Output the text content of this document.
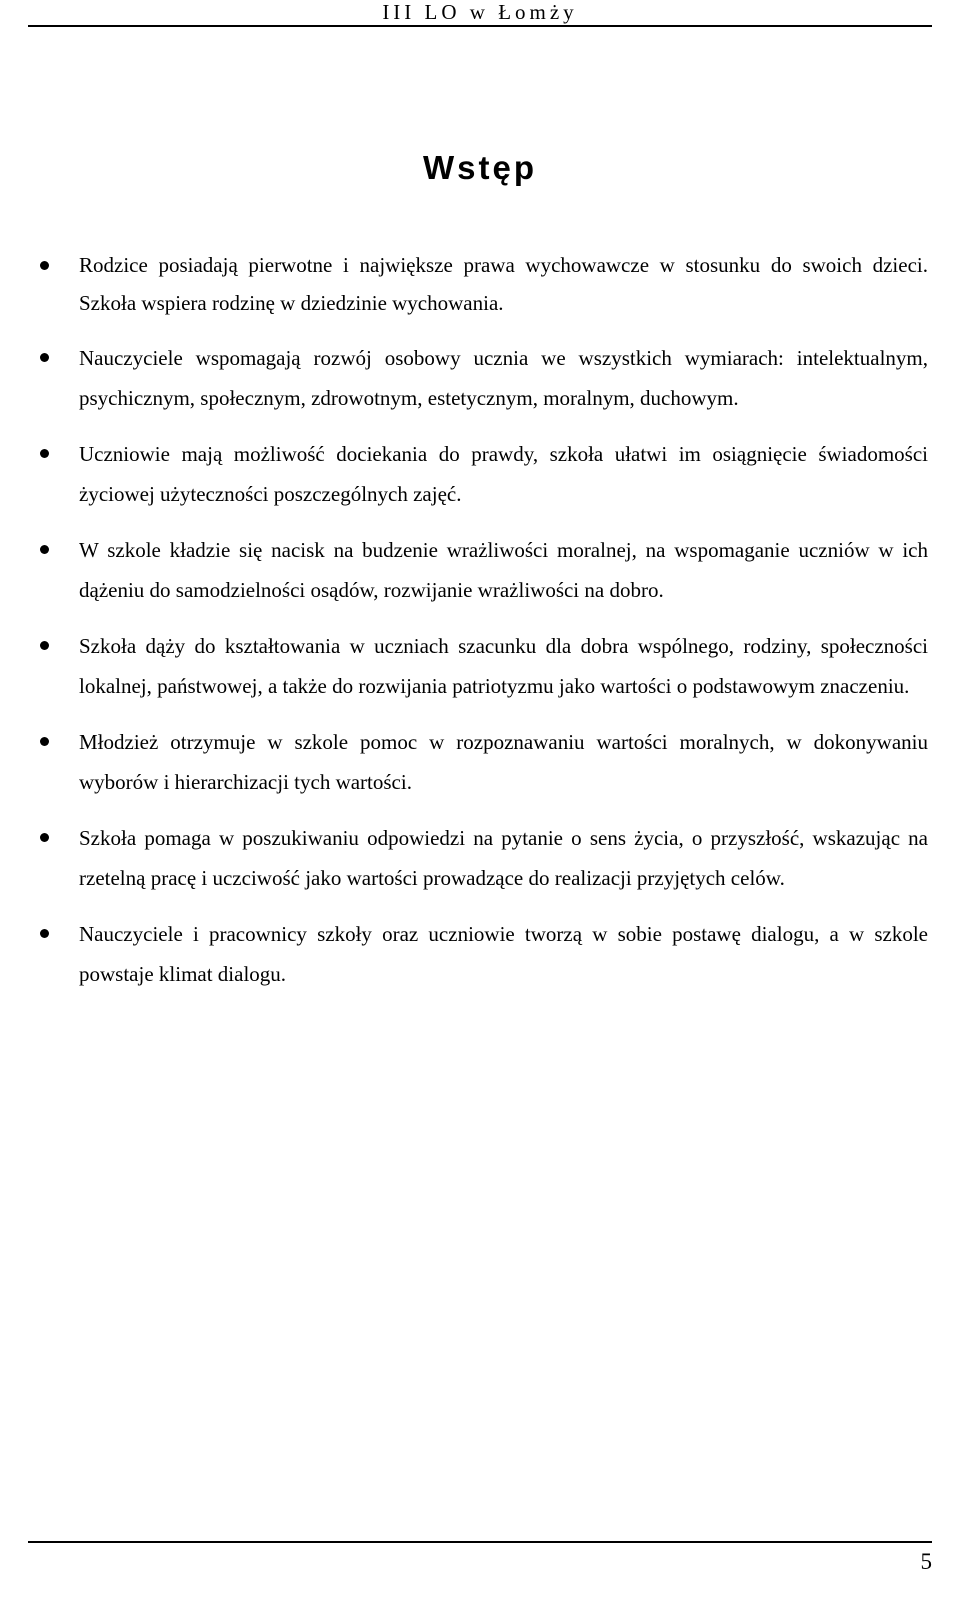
III LO w Łomży
Wstęp
Rodzice posiadają pierwotne i największe prawa wychowawcze w stosunku do swoich dzieci. Szkoła wspiera rodzinę w dziedzinie wychowania.
Nauczyciele wspomagają rozwój osobowy ucznia we wszystkich wymiarach: intelektualnym, psychicznym, społecznym, zdrowotnym, estetycznym, moralnym, duchowym.
Uczniowie mają możliwość dociekania do prawdy, szkoła ułatwi im osiągnięcie świadomości życiowej użyteczności poszczególnych zajęć.
W szkole kładzie się nacisk na budzenie wrażliwości moralnej, na wspomaganie uczniów w ich dążeniu do samodzielności osądów, rozwijanie wrażliwości na dobro.
Szkoła dąży do kształtowania w uczniach szacunku dla dobra wspólnego, rodziny, społeczności lokalnej, państwowej, a także do rozwijania patriotyzmu jako wartości o podstawowym znaczeniu.
Młodzież otrzymuje w szkole pomoc w rozpoznawaniu wartości moralnych, w dokonywaniu wyborów i hierarchizacji tych wartości.
Szkoła pomaga w poszukiwaniu odpowiedzi na pytanie o sens życia, o przyszłość, wskazując na rzetelną pracę i uczciwość jako wartości prowadzące do realizacji przyjętych celów.
Nauczyciele i pracownicy szkoły oraz uczniowie tworzą w sobie postawę dialogu, a w szkole powstaje klimat dialogu.
5
